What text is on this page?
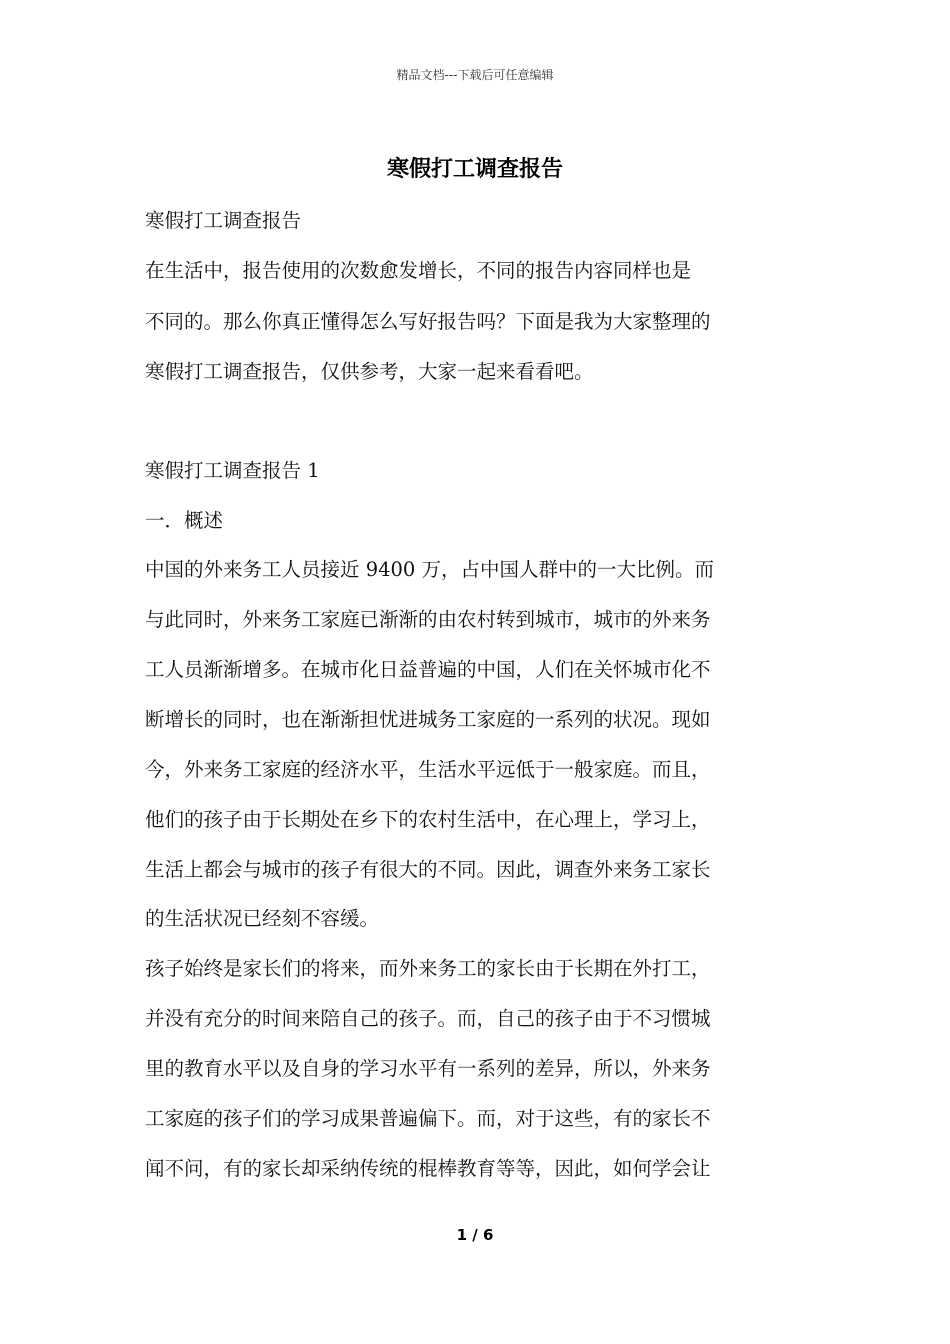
精品文档---下载后可任意编辑
寒假打工调查报告
寒假打工调查报告
在生活中，报告使用的次数愈发增长，不同的报告内容同样也是
不同的。那么你真正懂得怎么写好报告吗？下面是我为大家整理的
寒假打工调查报告，仅供参考，大家一起来看看吧。
寒假打工调查报告 1
一．概述
中国的外来务工人员接近 9400 万，占中国人群中的一大比例。而
与此同时，外来务工家庭已渐渐的由农村转到城市，城市的外来务
工人员渐渐增多。在城市化日益普遍的中国，人们在关怀城市化不
断增长的同时，也在渐渐担忧进城务工家庭的一系列的状况。现如
今，外来务工家庭的经济水平，生活水平远低于一般家庭。而且，
他们的孩子由于长期处在乡下的农村生活中，在心理上，学习上，
生活上都会与城市的孩子有很大的不同。因此，调查外来务工家长
的生活状况已经刻不容缓。
孩子始终是家长们的将来，而外来务工的家长由于长期在外打工，
并没有充分的时间来陪自己的孩子。而，自己的孩子由于不习惯城
里的教育水平以及自身的学习水平有一系列的差异，所以，外来务
工家庭的孩子们的学习成果普遍偏下。而，对于这些，有的家长不
闻不问，有的家长却采纳传统的棍棒教育等等，因此，如何学会让
1 / 6
